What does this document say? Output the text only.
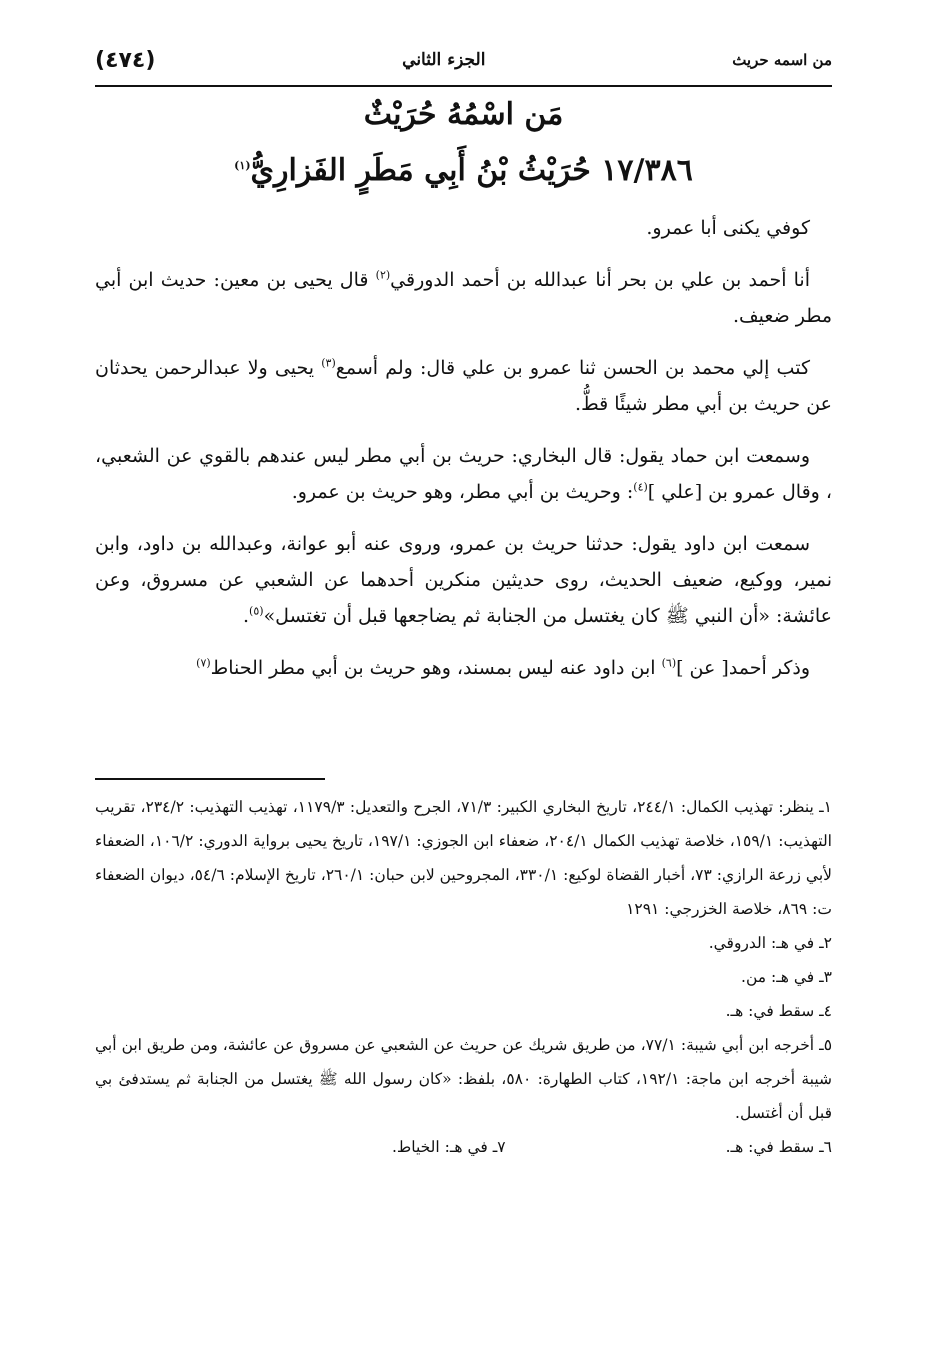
من اسمه حريث
الجزء الثاني
(٤٧٤)
مَن اسْمُهُ حُرَيْثٌ
١٧/٣٨٦ حُرَيْثُ بْنُ أَبِي مَطَرٍ الفَزارِيُّ$^{(١)}$

كوفي يكنى أبا عمرو.

أنا أحمد بن علي بن بحر أنا عبدالله بن أحمد الدورقي$^{(٢)}$ قال يحيى بن معين: حديث ابن أبي مطر ضعيف.

كتب إلي محمد بن الحسن ثنا عمرو بن علي قال: ولم أسمع$^{(٣)}$ يحيى ولا عبدالرحمن يحدثان عن حريث بن أبي مطر شيئًا قطُّ.

وسمعت ابن حماد يقول: قال البخاري: حريث بن أبي مطر ليس عندهم بالقوي عن الشعبي، ، وقال عمرو بن [علي ]$^{(٤)}$: وحريث بن أبي مطر، وهو حريث بن عمرو.

سمعت ابن داود يقول: حدثنا حريث بن عمرو، وروى عنه أبو عوانة، وعبدالله بن داود، وابن نمير، ووكيع، ضعيف الحديث، روى حديثين منكرين أحدهما عن الشعبي عن مسروق، وعن عائشة: «أن النبي ﷺ كان يغتسل من الجنابة ثم يضاجعها قبل أن تغتسل»$^{(٥)}$.

وذكر أحمد[ عن ]$^{(٦)}$ ابن داود عنه ليس بمسند، وهو حريث بن أبي مطر الحناط$^{(٧)}$

١ـ ينظر: تهذيب الكمال: ٢٤٤/١، تاريخ البخاري الكبير: ٧١/٣، الجرح والتعديل: ١١٧٩/٣، تهذيب التهذيب: ٢٣٤/٢، تقريب التهذيب: ١٥٩/١، خلاصة تهذيب الكمال ٢٠٤/١، ضعفاء ابن الجوزي: ١٩٧/١، تاريخ يحيى برواية الدوري: ١٠٦/٢، الضعفاء لأبي زرعة الرازي: ٧٣، أخبار القضاة لوكيع: ٣٣٠/١، المجروحين لابن حبان: ٢٦٠/١، تاريخ الإسلام: ٥٤/٦، ديوان الضعفاء ت: ٨٦٩، خلاصة الخزرجي: ١٢٩١

٢ـ في هـ: الدروقي.

٣ـ في هـ: من.

٤ـ سقط في: هـ.

٥ـ أخرجه ابن أبي شيبة: ٧٧/١، من طريق شريك عن حريث عن الشعبي عن مسروق عن عائشة، ومن طريق ابن أبي شيبة أخرجه ابن ماجة: ١٩٢/١، كتاب الطهارة: ٥٨٠، بلفظ: «كان رسول الله ﷺ يغتسل من الجنابة ثم يستدفئ بي قبل أن أغتسل.

٦ـ سقط في: هـ.
٧ـ في هـ: الخياط.
